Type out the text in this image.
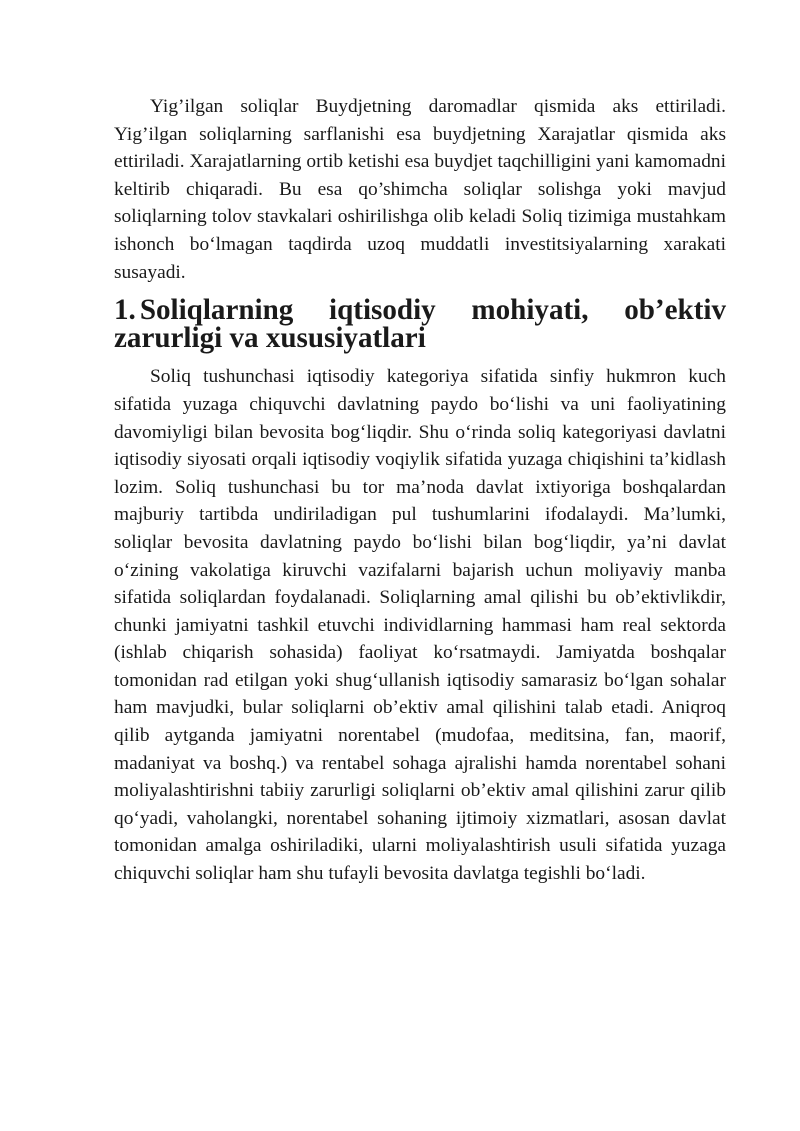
Yig’ilgan soliqlar Buydjetning daromadlar qismida aks ettiriladi. Yig’ilgan soliqlarning sarflanishi esa buydjetning Xarajatlar qismida aks ettiriladi. Xarajatlarning ortib ketishi esa buydjet taqchilligini yani kamomadni keltirib chiqaradi. Bu esa qo’shimcha soliqlar solishga yoki mavjud soliqlarning tolov stavkalari oshirilishga olib keladi Soliq tizimiga mustahkam ishonch bo‘lmagan taqdirda uzoq muddatli investitsiyalarning xarakati susayadi.

1. Soliqlarning iqtisodiy mohiyati, ob’ektiv zarurligi va xususiyatlari

Soliq tushunchasi iqtisodiy kategoriya sifatida sinfiy hukmron kuch sifatida yuzaga chiquvchi davlatning paydo bo‘lishi va uni faoliyatining davomiyligi bilan bevosita bog‘liqdir. Shu o‘rinda soliq kategoriyasi davlatni iqtisodiy siyosati orqali iqtisodiy voqiylik sifatida yuzaga chiqishini ta’kidlash lozim. Soliq tushunchasi bu tor ma’noda davlat ixtiyoriga boshqalardan majburiy tartibda undiriladigan pul tushumlarini ifodalaydi. Ma’lumki, soliqlar bevosita davlatning paydo bo‘lishi bilan bog‘liqdir, ya’ni davlat o‘zining vakolatiga kiruvchi vazifalarni bajarish uchun moliyaviy manba sifatida soliqlardan foydalanadi. Soliqlarning amal qilishi bu ob’ektivlikdir, chunki jamiyatni tashkil etuvchi individlarning hammasi ham real sektorda (ishlab chiqarish sohasida) faoliyat ko‘rsatmaydi. Jamiyatda boshqalar tomonidan rad etilgan yoki shug‘ullanish iqtisodiy samarasiz bo‘lgan sohalar ham mavjudki, bular soliqlarni ob’ektiv amal qilishini talab etadi. Aniqroq qilib aytganda jamiyatni norentabel (mudofaa, meditsina, fan, maorif, madaniyat va boshq.) va rentabel sohaga ajralishi hamda norentabel sohani moliyalashtirishni tabiiy zarurligi soliqlarni ob’ektiv amal qilishini zarur qilib qo‘yadi, vaholangki, norentabel sohaning ijtimoiy xizmatlari, asosan davlat tomonidan amalga oshiriladiki, ularni moliyalashtirish usuli sifatida yuzaga chiquvchi soliqlar ham shu tufayli bevosita davlatga tegishli bo‘ladi.
